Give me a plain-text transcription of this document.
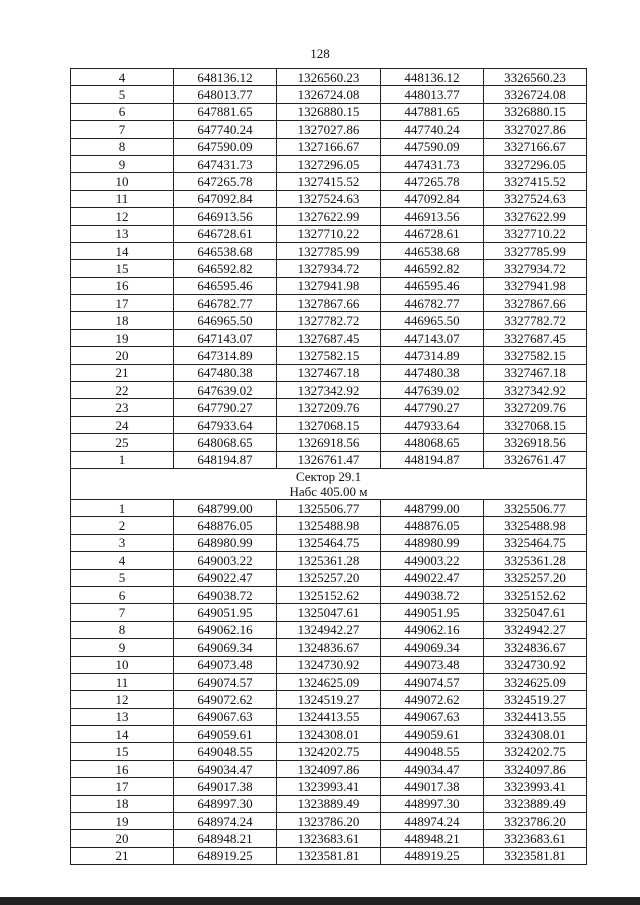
128
4	648136.12	1326560.23	448136.12	3326560.23
5	648013.77	1326724.08	448013.77	3326724.08
6	647881.65	1326880.15	447881.65	3326880.15
7	647740.24	1327027.86	447740.24	3327027.86
8	647590.09	1327166.67	447590.09	3327166.67
9	647431.73	1327296.05	447431.73	3327296.05
10	647265.78	1327415.52	447265.78	3327415.52
11	647092.84	1327524.63	447092.84	3327524.63
12	646913.56	1327622.99	446913.56	3327622.99
13	646728.61	1327710.22	446728.61	3327710.22
14	646538.68	1327785.99	446538.68	3327785.99
15	646592.82	1327934.72	446592.82	3327934.72
16	646595.46	1327941.98	446595.46	3327941.98
17	646782.77	1327867.66	446782.77	3327867.66
18	646965.50	1327782.72	446965.50	3327782.72
19	647143.07	1327687.45	447143.07	3327687.45
20	647314.89	1327582.15	447314.89	3327582.15
21	647480.38	1327467.18	447480.38	3327467.18
22	647639.02	1327342.92	447639.02	3327342.92
23	647790.27	1327209.76	447790.27	3327209.76
24	647933.64	1327068.15	447933.64	3327068.15
25	648068.65	1326918.56	448068.65	3326918.56
1	648194.87	1326761.47	448194.87	3326761.47

Сектор 29.1
Набс 405.00 м				

1	648799.00	1325506.77	448799.00	3325506.77
2	648876.05	1325488.98	448876.05	3325488.98
3	648980.99	1325464.75	448980.99	3325464.75
4	649003.22	1325361.28	449003.22	3325361.28
5	649022.47	1325257.20	449022.47	3325257.20
6	649038.72	1325152.62	449038.72	3325152.62
7	649051.95	1325047.61	449051.95	3325047.61
8	649062.16	1324942.27	449062.16	3324942.27
9	649069.34	1324836.67	449069.34	3324836.67
10	649073.48	1324730.92	449073.48	3324730.92
11	649074.57	1324625.09	449074.57	3324625.09
12	649072.62	1324519.27	449072.62	3324519.27
13	649067.63	1324413.55	449067.63	3324413.55
14	649059.61	1324308.01	449059.61	3324308.01
15	649048.55	1324202.75	449048.55	3324202.75
16	649034.47	1324097.86	449034.47	3324097.86
17	649017.38	1323993.41	449017.38	3323993.41
18	648997.30	1323889.49	448997.30	3323889.49
19	648974.24	1323786.20	448974.24	3323786.20
20	648948.21	1323683.61	448948.21	3323683.61
21	648919.25	1323581.81	448919.25	3323581.81
